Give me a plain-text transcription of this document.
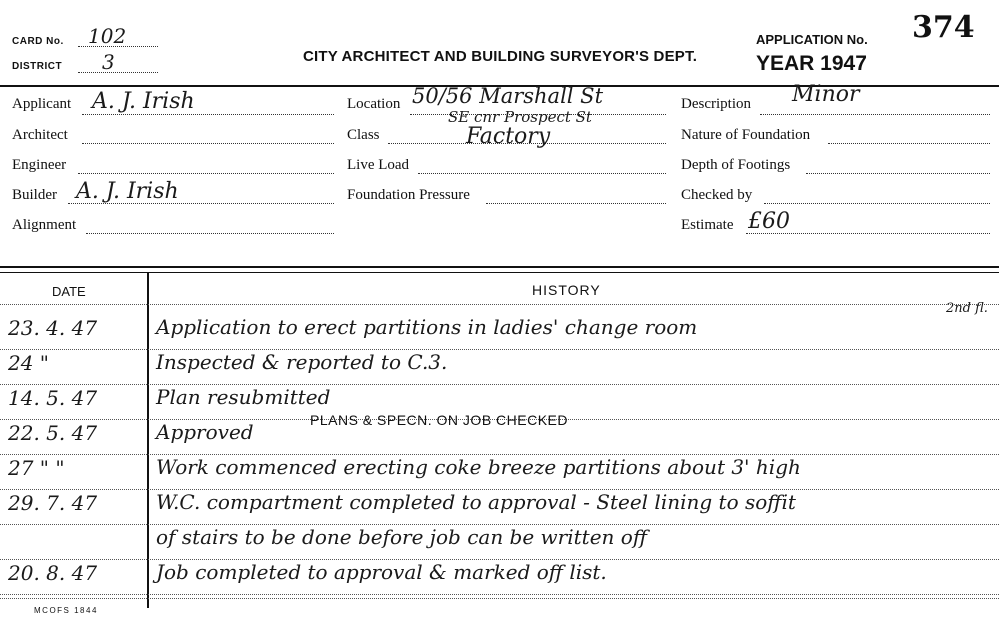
CARD No. 102
DISTRICT 3	CITY ARCHITECT AND BUILDING SURVEYOR'S DEPT.
APPLICATION No. 374
YEAR 1947
Applicant A. J. Irish
Architect
Engineer
Builder A. J. Irish
Alignment
Location 50/56 Marshall St
SE cnr Prospect St
Class	Factory
Live Load
Foundation Pressure
Description Minor
Nature of Foundation
Depth of Footings
Checked by
Estimate £60
DATE	HISTORY
23. 4. 47	Application to erect partitions in ladies' change room
2nd fl.
24 "	Inspected & reported to C.3.
14. 5. 47	Plan resubmitted
22. 5. 47	Approved	PLANS & SPECN. ON JOB CHECKED
27 " "	Work commenced erecting coke breeze partitions about 3' high
29. 7. 47	W.C. compartment completed to approval - Steel lining to soffit
of stairs to be done before job can be written off
20. 8. 47	Job completed to approval & marked off list.
MCOFS 1844
